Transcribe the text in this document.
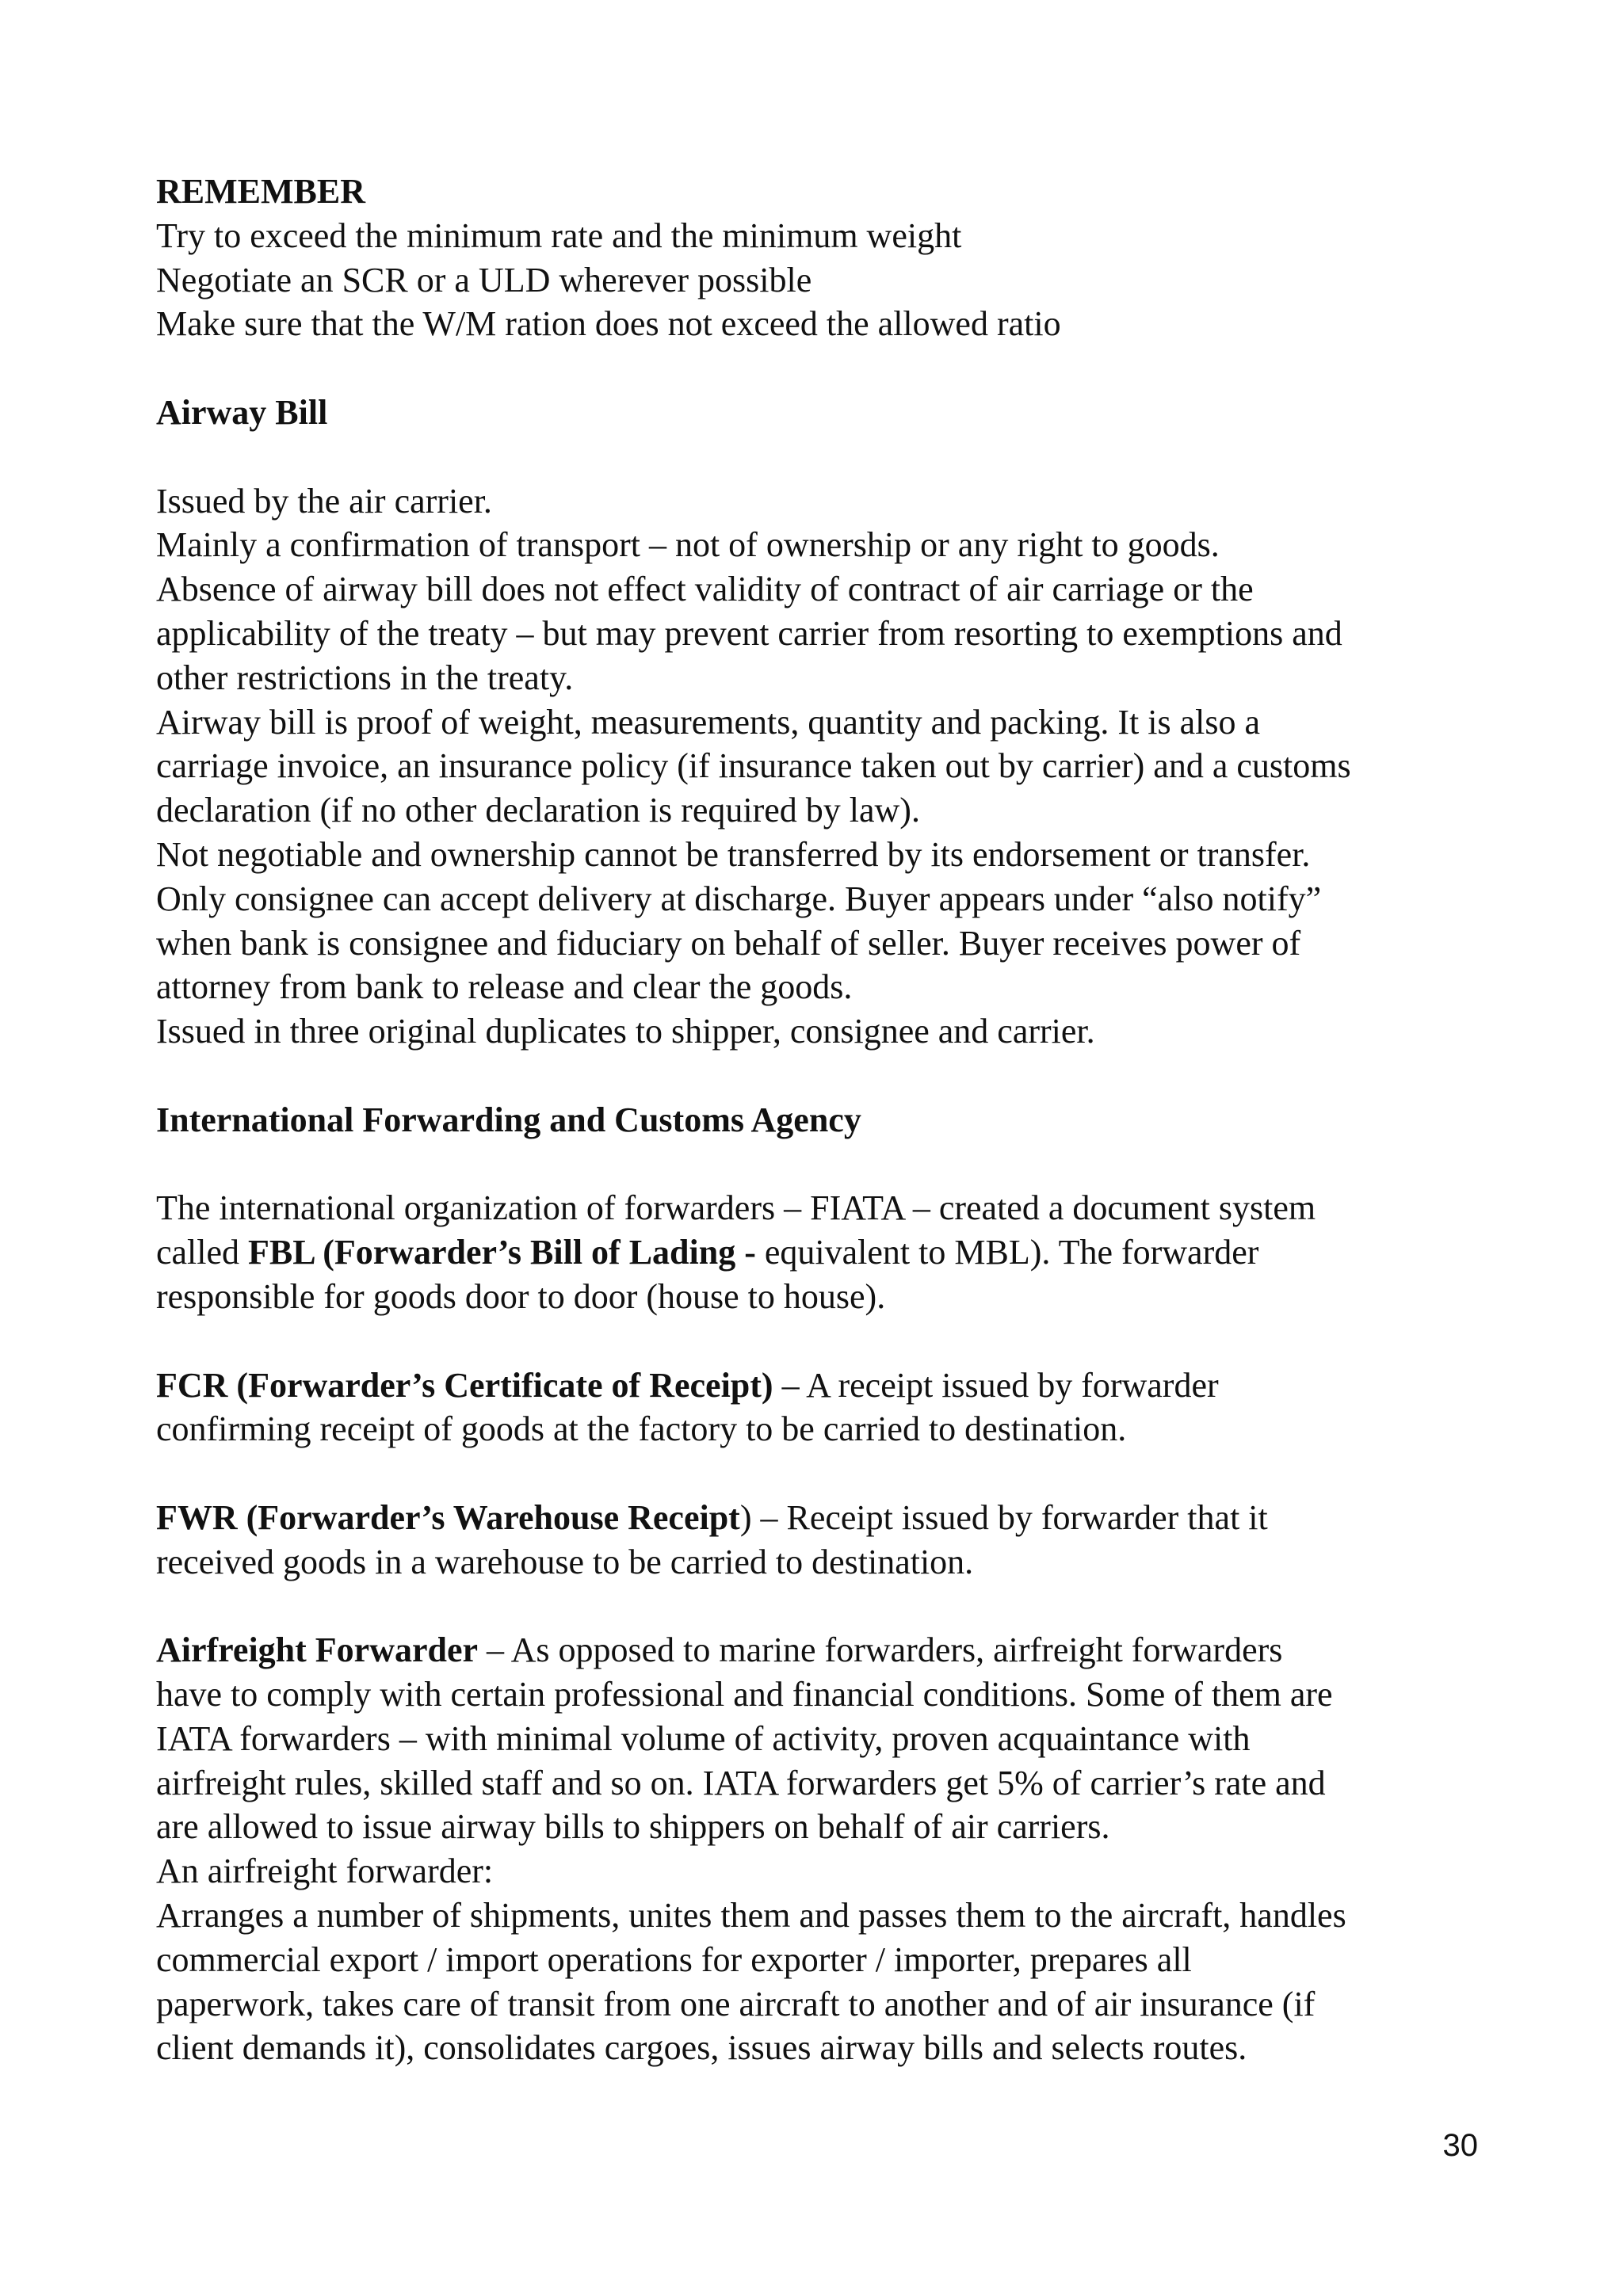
REMEMBER
Try to exceed the minimum rate and the minimum weight
Negotiate an SCR or a ULD wherever possible
Make sure that the W/M ration does not exceed the allowed ratio
Airway Bill
Issued by the air carrier.
Mainly a confirmation of transport – not of ownership or any right to goods.
Absence of airway bill does not effect validity of contract of air carriage or the
applicability of the treaty – but may prevent carrier from resorting to exemptions and
other restrictions in the treaty.
Airway bill is proof of weight, measurements, quantity and packing. It is also a
carriage invoice, an insurance policy (if insurance taken out by carrier) and a customs
declaration (if no other declaration is required by law).
Not negotiable and ownership cannot be transferred by its endorsement or transfer.
Only consignee can accept delivery at discharge. Buyer appears under “also notify”
when bank is consignee and fiduciary on behalf of seller. Buyer receives power of
attorney from bank to release and clear the goods.
Issued in three original duplicates to shipper, consignee and carrier.
International Forwarding and Customs Agency
The international organization of forwarders – FIATA – created a document system
called FBL (Forwarder’s Bill of Lading - equivalent to MBL). The forwarder
responsible for goods door to door (house to house).
FCR (Forwarder’s Certificate of Receipt) – A receipt issued by forwarder
confirming receipt of goods at the factory to be carried to destination.
FWR (Forwarder’s Warehouse Receipt) – Receipt issued by forwarder that it
received goods in a warehouse to be carried to destination.
Airfreight Forwarder – As opposed to marine forwarders, airfreight forwarders
have to comply with certain professional and financial conditions. Some of them are
IATA forwarders – with minimal volume of activity, proven acquaintance with
airfreight rules, skilled staff and so on. IATA forwarders get 5% of carrier’s rate and
are allowed to issue airway bills to shippers on behalf of air carriers.
An airfreight forwarder:
Arranges a number of shipments, unites them and passes them to the aircraft, handles
commercial export / import operations for exporter / importer, prepares all
paperwork, takes care of transit from one aircraft to another and of air insurance (if
client demands it), consolidates cargoes, issues airway bills and selects routes.
30
